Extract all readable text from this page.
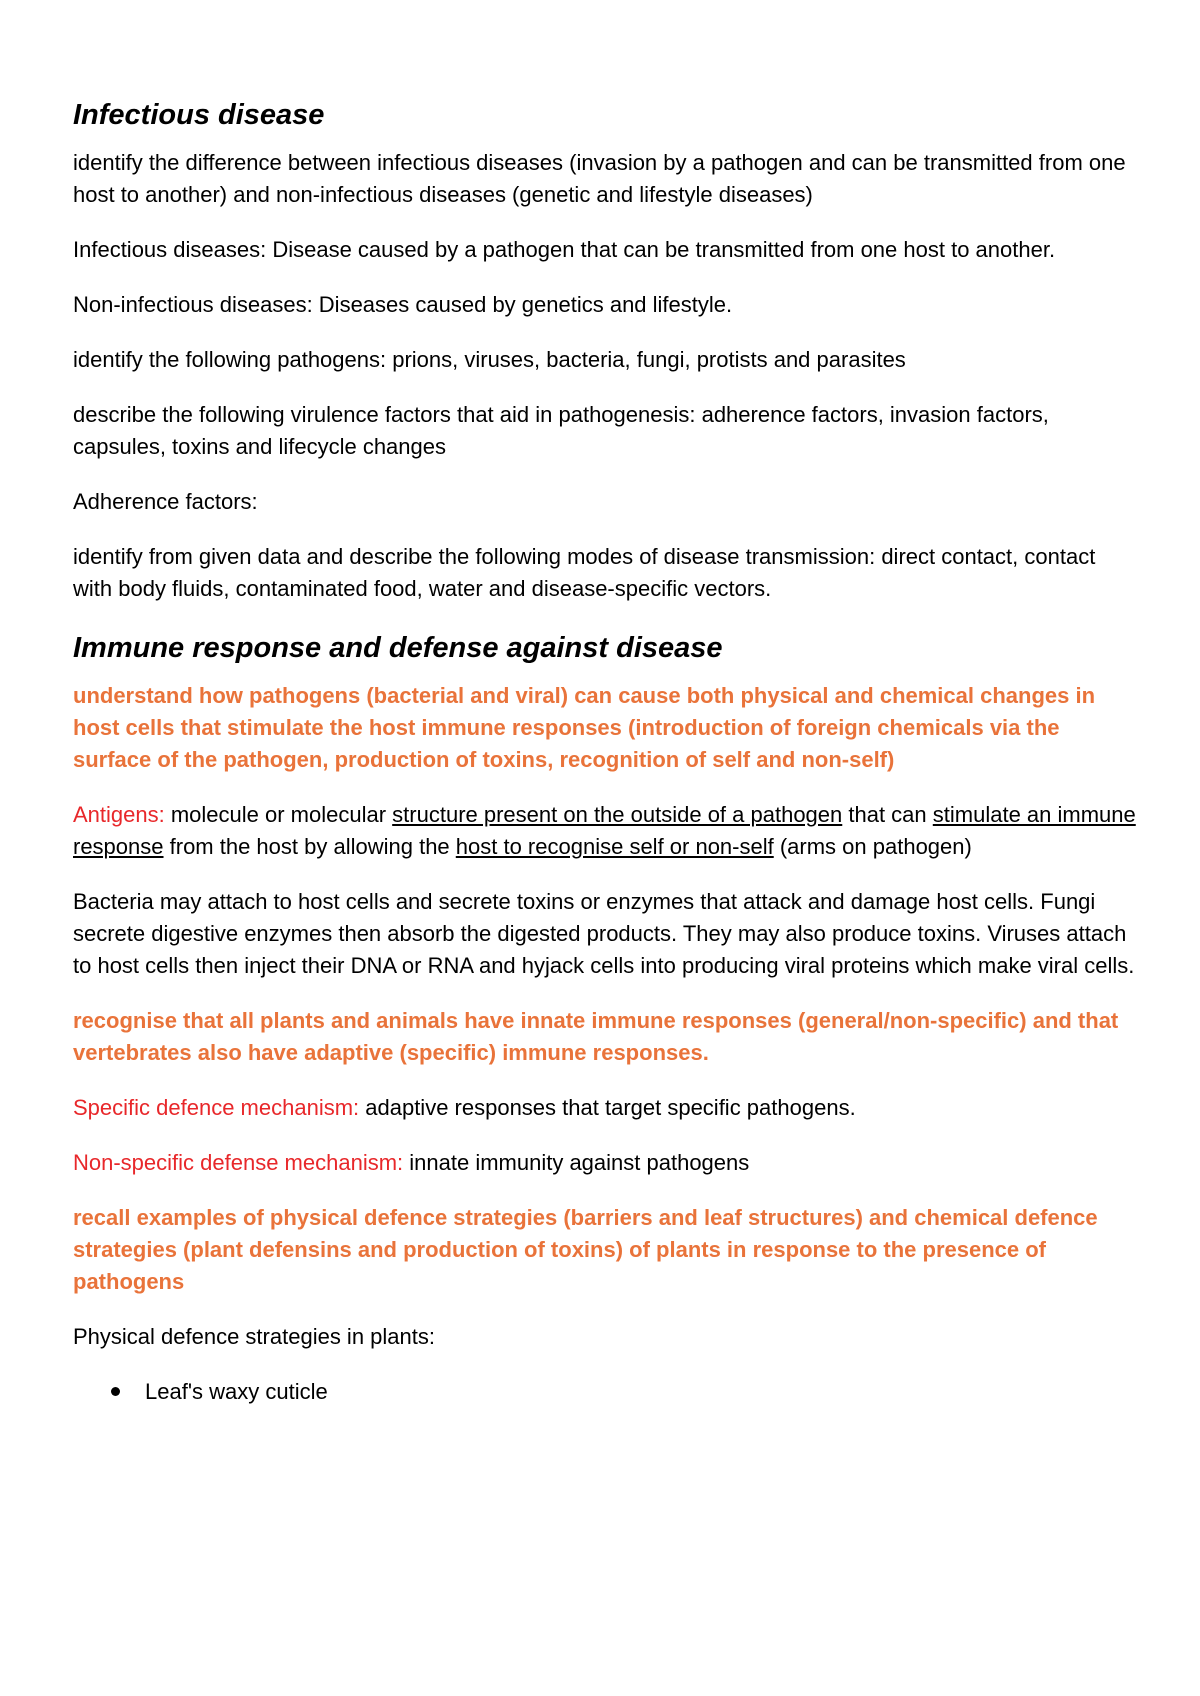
Infectious disease

identify the difference between infectious diseases (invasion by a pathogen and can be transmitted from one host to another) and non-infectious diseases (genetic and lifestyle diseases)

Infectious diseases: Disease caused by a pathogen that can be transmitted from one host to another.

Non-infectious diseases: Diseases caused by genetics and lifestyle.

identify the following pathogens: prions, viruses, bacteria, fungi, protists and parasites

describe the following virulence factors that aid in pathogenesis: adherence factors, invasion factors, capsules, toxins and lifecycle changes

Adherence factors:

identify from given data and describe the following modes of disease transmission: direct contact, contact with body fluids, contaminated food, water and disease-specific vectors.

Immune response and defense against disease

understand how pathogens (bacterial and viral) can cause both physical and chemical changes in host cells that stimulate the host immune responses (introduction of foreign chemicals via the surface of the pathogen, production of toxins, recognition of self and non-self)

Antigens: molecule or molecular structure present on the outside of a pathogen that can stimulate an immune response from the host by allowing the host to recognise self or non-self (arms on pathogen)

Bacteria may attach to host cells and secrete toxins or enzymes that attack and damage host cells. Fungi secrete digestive enzymes then absorb the digested products. They may also produce toxins. Viruses attach to host cells then inject their DNA or RNA and hyjack cells into producing viral proteins which make viral cells.

recognise that all plants and animals have innate immune responses (general/non-specific) and that vertebrates also have adaptive (specific) immune responses.

Specific defence mechanism: adaptive responses that target specific pathogens.

Non-specific defense mechanism: innate immunity against pathogens

recall examples of physical defence strategies (barriers and leaf structures) and chemical defence strategies (plant defensins and production of toxins) of plants in response to the presence of pathogens

Physical defence strategies in plants:

Leaf's waxy cuticle
